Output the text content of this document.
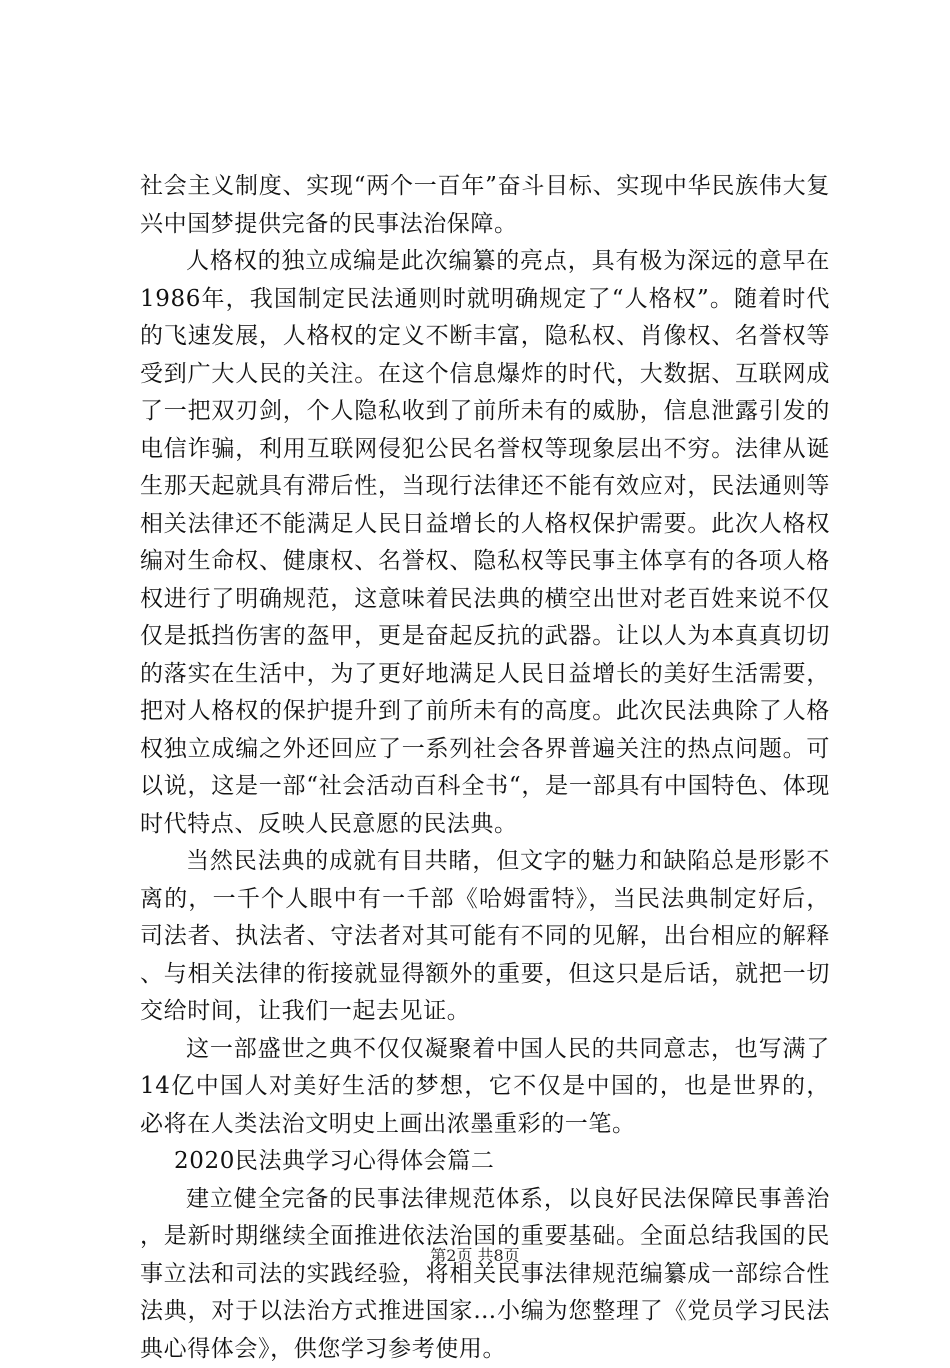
社会主义制度、实现“两个一百年”奋斗目标、实现中华民族伟大复兴中国梦提供完备的民事法治保障。

人格权的独立成编是此次编纂的亮点，具有极为深远的意早在1986年，我国制定民法通则时就明确规定了“人格权”。随着时代的飞速发展，人格权的定义不断丰富，隐私权、肖像权、名誉权等受到广大人民的关注。在这个信息爆炸的时代，大数据、互联网成了一把双刃剑，个人隐私收到了前所未有的威胁，信息泄露引发的电信诈骗，利用互联网侵犯公民名誉权等现象层出不穷。法律从诞生那天起就具有滞后性，当现行法律还不能有效应对，民法通则等相关法律还不能满足人民日益增长的人格权保护需要。此次人格权编对生命权、健康权、名誉权、隐私权等民事主体享有的各项人格权进行了明确规范，这意味着民法典的横空出世对老百姓来说不仅仅是抵挡伤害的盔甲，更是奋起反抗的武器。让以人为本真真切切的落实在生活中，为了更好地满足人民日益增长的美好生活需要，把对人格权的保护提升到了前所未有的高度。此次民法典除了人格权独立成编之外还回应了一系列社会各界普遍关注的热点问题。可以说，这是一部“社会活动百科全书“，是一部具有中国特色、体现时代特点、反映人民意愿的民法典。

当然民法典的成就有目共睹，但文字的魅力和缺陷总是形影不离的，一千个人眼中有一千部《哈姆雷特》，当民法典制定好后，司法者、执法者、守法者对其可能有不同的见解，出台相应的解释、与相关法律的衔接就显得额外的重要，但这只是后话，就把一切交给时间，让我们一起去见证。

这一部盛世之典不仅仅凝聚着中国人民的共同意志，也写满了14亿中国人对美好生活的梦想，它不仅是中国的，也是世界的，必将在人类法治文明史上画出浓墨重彩的一笔。

2020民法典学习心得体会篇二

建立健全完备的民事法律规范体系，以良好民法保障民事善治，是新时期继续全面推进依法治国的重要基础。全面总结我国的民事立法和司法的实践经验，将相关民事法律规范编纂成一部综合性法典，对于以法治方式推进国家…小编为您整理了《党员学习民法典心得体会》，供您学习参考使用。

第2页 共8页
